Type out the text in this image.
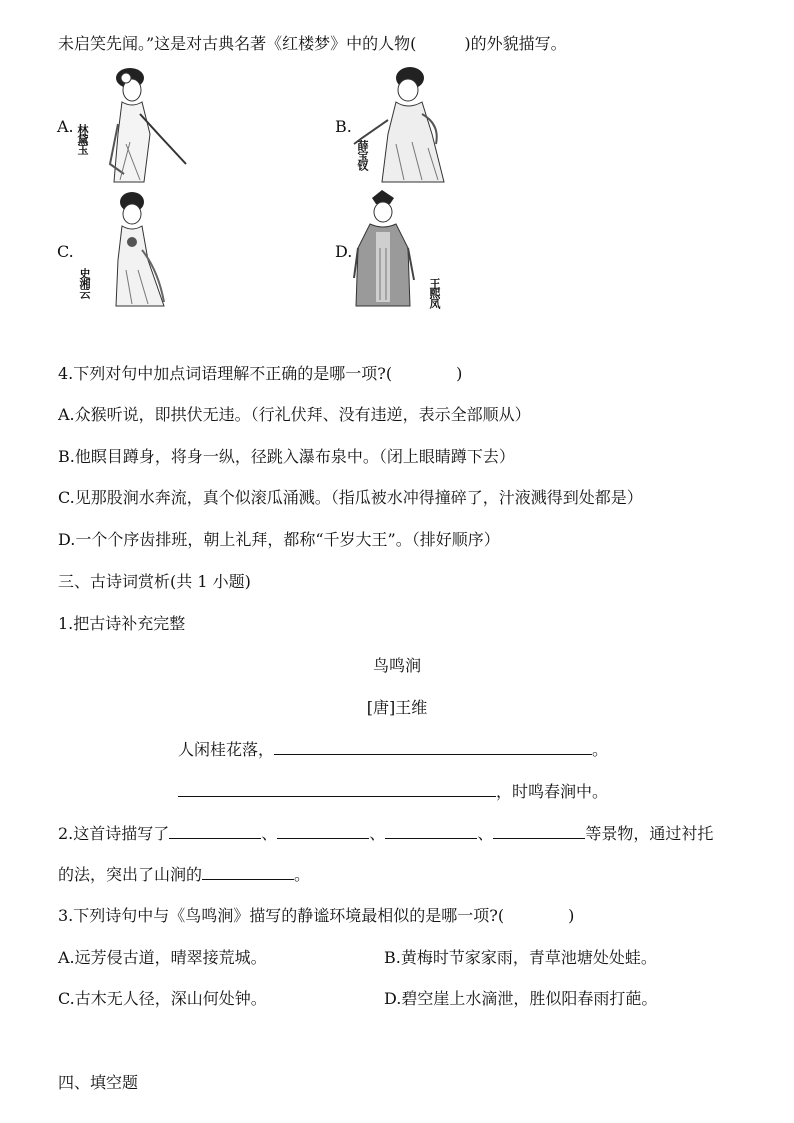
未启笑先闻。”这是对古典名著《红楼梦》中的人物(　　　)的外貌描写。
A. 林黛玉	B.
薛宝钗
C.
史湘云
D.
王熙凤
4.下列对句中加点词语理解不正确的是哪一项?(　　　　)
A.众猴听说，即拱伏无违。（行礼伏拜、没有违逆，表示全部顺从）
B.他瞑目蹲身，将身一纵，径跳入瀑布泉中。（闭上眼睛蹲下去）
C.见那股涧水奔流，真个似滚瓜涌溅。（指瓜被水冲得撞碎了，汁液溅得到处都是）
D.一个个序齿排班，朝上礼拜，都称“千岁大王”。（排好顺序）
三、古诗词赏析(共 1 小题)
1.把古诗补充完整
鸟鸣涧
[唐]王维
人闲桂花落，	。
，时鸣春涧中。
2.这首诗描写了	、	、	、	等景物，通过衬托
的法，突出了山涧的	。
3.下列诗句中与《鸟鸣涧》描写的静谧环境最相似的是哪一项?(　　　　)
A.远芳侵古道，晴翠接荒城。	B.黄梅时节家家雨，青草池塘处处蛙。
C.古木无人径，深山何处钟。	D.碧空崖上水滴泄，胜似阳春雨打葩。
四、填空题
